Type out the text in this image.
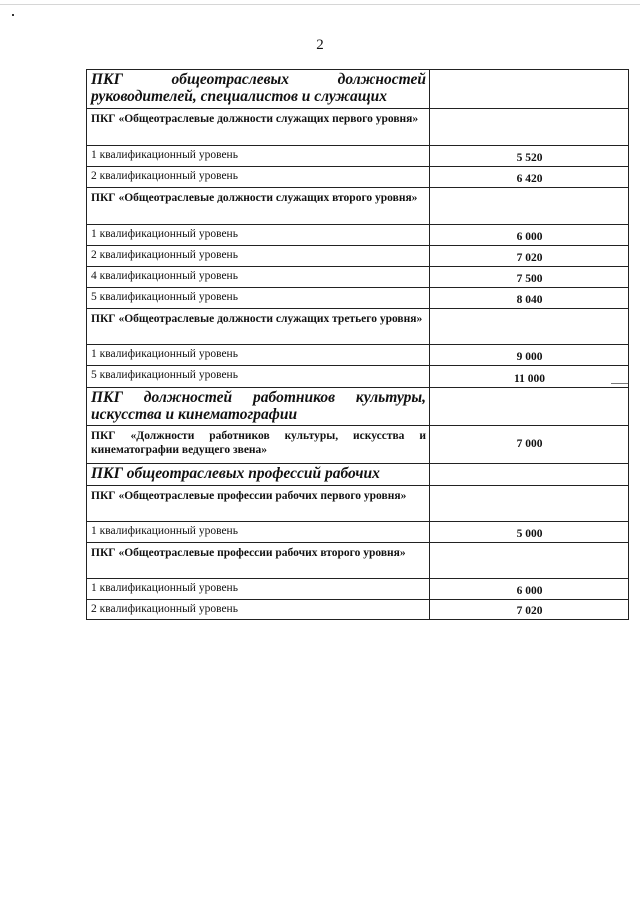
2
ПКГ общеотраслевых должностей руководителей, специалистов и служащих	
ПКГ «Общеотраслевые должности служащих первого уровня»	
1 квалификационный уровень	5 520
2 квалификационный уровень	6 420
ПКГ «Общеотраслевые должности служащих второго уровня»	
1 квалификационный уровень	6 000
2 квалификационный уровень	7 020
4 квалификационный уровень	7 500
5 квалификационный уровень	8 040
ПКГ «Общеотраслевые должности служащих третьего уровня»	
1 квалификационный уровень	9 000
5 квалификационный уровень	11 000
ПКГ должностей работников культуры, искусства и кинематографии	
ПКГ «Должности работников культуры, искусства и кинематографии ведущего звена»	7 000
ПКГ общеотраслевых профессий рабочих	
ПКГ «Общеотраслевые профессии рабочих первого уровня»	
1 квалификационный уровень	5 000
ПКГ «Общеотраслевые профессии рабочих второго уровня»	
1 квалификационный уровень	6 000
2 квалификационный уровень	7 020
